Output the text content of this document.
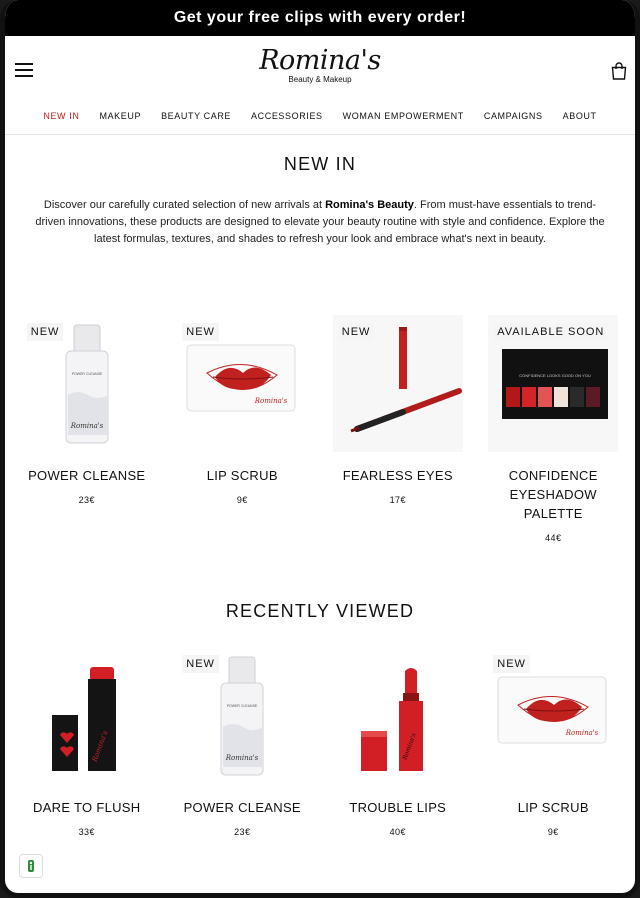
Get your free clips with every order!
Romina's
Beauty & Makeup
NEW IN MAKEUP BEAUTY CARE ACCESSORIES WOMAN EMPOWERMENT CAMPAIGNS ABOUT
NEW IN

Discover our carefully curated selection of new arrivals at Romina's Beauty. From must-have essentials to trend-driven innovations, these products are designed to elevate your beauty routine with style and confidence. Explore the latest formulas, textures, and shades to refresh your look and embrace what's next in beauty.

NEW
POWER CLEANSE
Romina's
POWER CLEANSE
23€
NEW
Romina's
LIP SCRUB
9€
NEW
FEARLESS EYES
17€
AVAILABLE SOON
CONFIDENCE LOOKS GOOD ON YOU
CONFIDENCE EYESHADOW PALETTE
44€
RECENTLY VIEWED
Romina's
DARE TO FLUSH
33€
NEW
POWER CLEANSE
Romina's
POWER CLEANSE
23€
Romina's
TROUBLE LIPS
40€
NEW
Romina's
LIP SCRUB
9€
